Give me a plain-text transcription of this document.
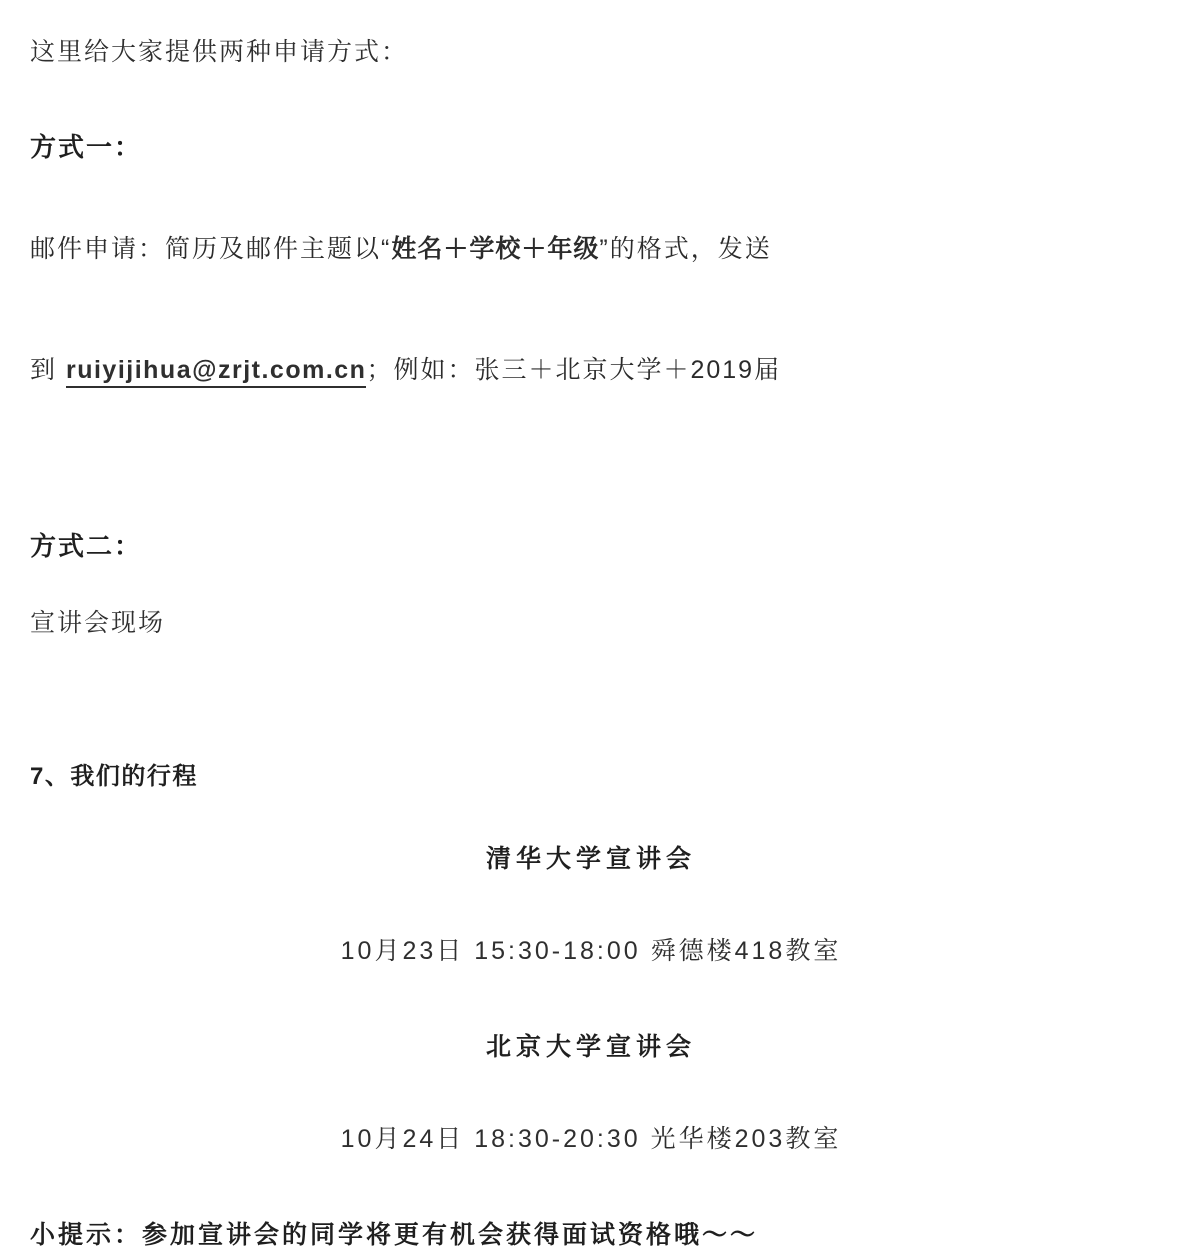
这里给大家提供两种申请方式：

方式一：

邮件申请：简历及邮件主题以“姓名＋学校＋年级”的格式，发送

到 ruiyijihua@zrjt.com.cn；例如：张三＋北京大学＋2019届

方式二：

宣讲会现场

7、我们的行程

清华大学宣讲会

10月23日 15:30-18:00 舜德楼418教室

北京大学宣讲会

10月24日 18:30-20:30 光华楼203教室

小提示：参加宣讲会的同学将更有机会获得面试资格哦～～
